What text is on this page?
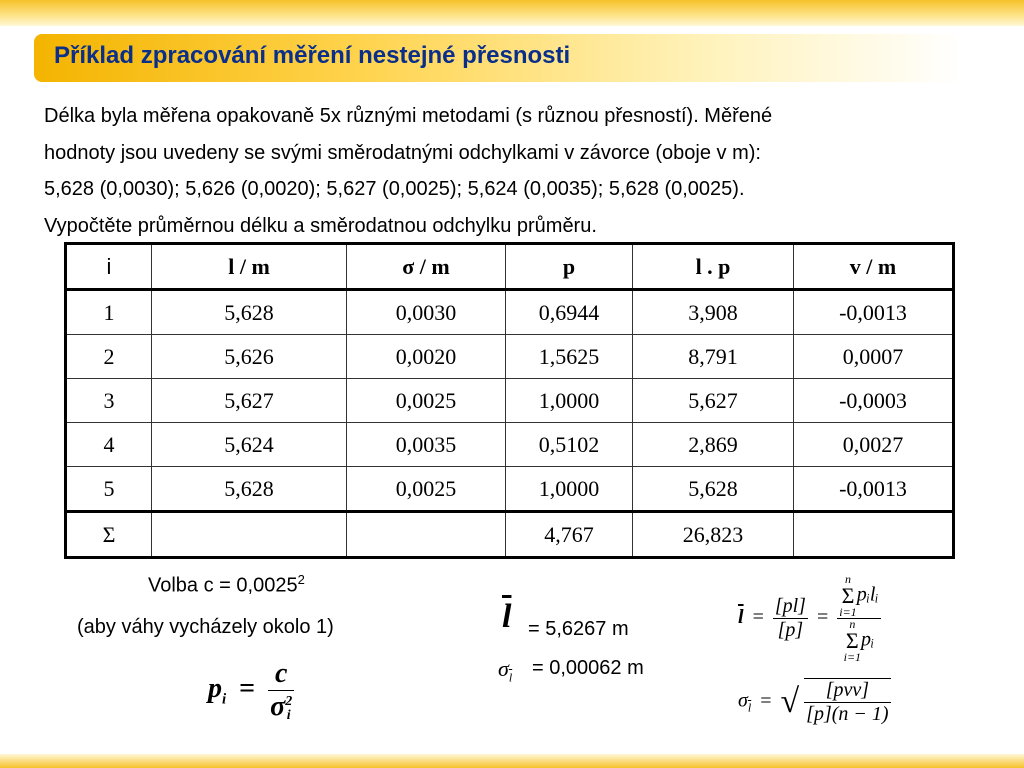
Příklad zpracování měření nestejné přesnosti
Délka byla měřena opakovaně 5x různými metodami (s různou přesností). Měřené
hodnoty jsou uvedeny se svými směrodatnými odchylkami v závorce (oboje v m):
5,628 (0,0030); 5,626 (0,0020); 5,627 (0,0025); 5,624 (0,0035); 5,628 (0,0025).
Vypočtěte průměrnou délku a směrodatnou odchylku průměru.
i	l / m	σ / m	p	l . p	v / m
1	5,628	0,0030	0,6944	3,908	-0,0013
2	5,626	0,0020	1,5625	8,791	0,0007
3	5,627	0,0025	1,0000	5,627	-0,0003
4	5,624	0,0035	0,5102	2,869	0,0027
5	5,628	0,0025	1,0000	5,628	-0,0013
Σ			4,767	26,823	
Volba $c = 0,0025^2$
(aby váhy vycházely okolo 1)
$p_i = c$
σ 2
i
$\overline{l} = 5,6267$ m
$\sigma_{\overline{l}} = 0,00062$ m
$\overline{l} = \frac{[pl]}{[p]} = n$
Σ
i=1
pᵢlᵢ
n
Σ
i=1
pᵢ
$\sigma_{\overline{l}}$ = √ $\frac{\text{[pvv]}}{[p](n - 1)}$
